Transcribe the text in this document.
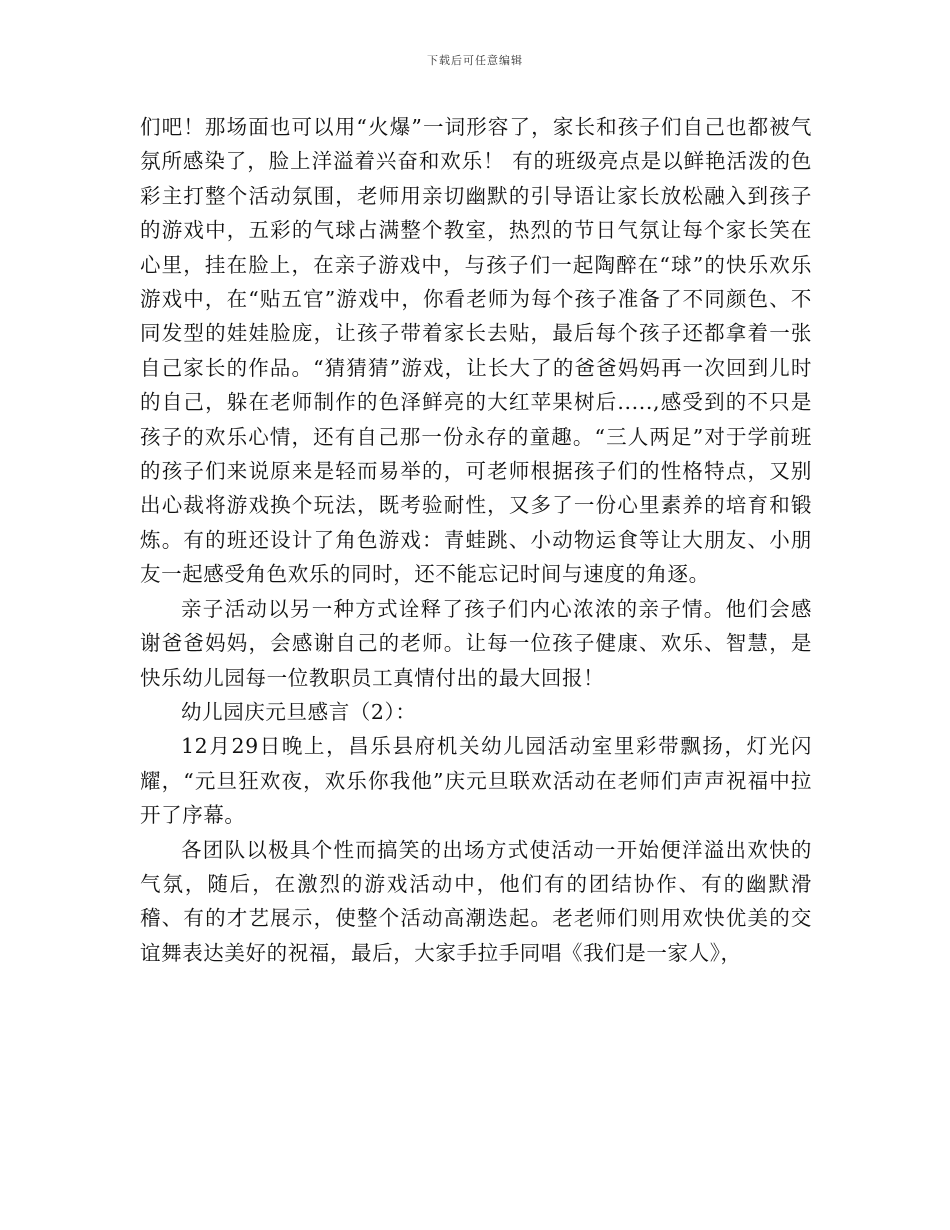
下载后可任意编辑

们吧！那场面也可以用“火爆”一词形容了，家长和孩子们自己也都被气氛所感染了，脸上洋溢着兴奋和欢乐！ 有的班级亮点是以鲜艳活泼的色彩主打整个活动氛围，老师用亲切幽默的引导语让家长放松融入到孩子的游戏中，五彩的气球占满整个教室，热烈的节日气氛让每个家长笑在心里，挂在脸上，在亲子游戏中，与孩子们一起陶醉在“球”的快乐欢乐游戏中，在“贴五官”游戏中，你看老师为每个孩子准备了不同颜色、不同发型的娃娃脸庞，让孩子带着家长去贴，最后每个孩子还都拿着一张自己家长的作品。“猜猜猜”游戏，让长大了的爸爸妈妈再一次回到儿时的自己，躲在老师制作的色泽鲜亮的大红苹果树后.....,感受到的不只是孩子的欢乐心情，还有自己那一份永存的童趣。“三人两足”对于学前班的孩子们来说原来是轻而易举的，可老师根据孩子们的性格特点，又别出心裁将游戏换个玩法，既考验耐性，又多了一份心里素养的培育和锻炼。有的班还设计了角色游戏：青蛙跳、小动物运食等让大朋友、小朋友一起感受角色欢乐的同时，还不能忘记时间与速度的角逐。

亲子活动以另一种方式诠释了孩子们内心浓浓的亲子情。他们会感谢爸爸妈妈，会感谢自己的老师。让每一位孩子健康、欢乐、智慧，是快乐幼儿园每一位教职员工真情付出的最大回报！

幼儿园庆元旦感言（2）：

12月29日晚上，昌乐县府机关幼儿园活动室里彩带飘扬，灯光闪耀，“元旦狂欢夜，欢乐你我他”庆元旦联欢活动在老师们声声祝福中拉开了序幕。

各团队以极具个性而搞笑的出场方式使活动一开始便洋溢出欢快的气氛，随后，在激烈的游戏活动中，他们有的团结协作、有的幽默滑稽、有的才艺展示，使整个活动高潮迭起。老老师们则用欢快优美的交谊舞表达美好的祝福，最后，大家手拉手同唱《我们是一家人》，
